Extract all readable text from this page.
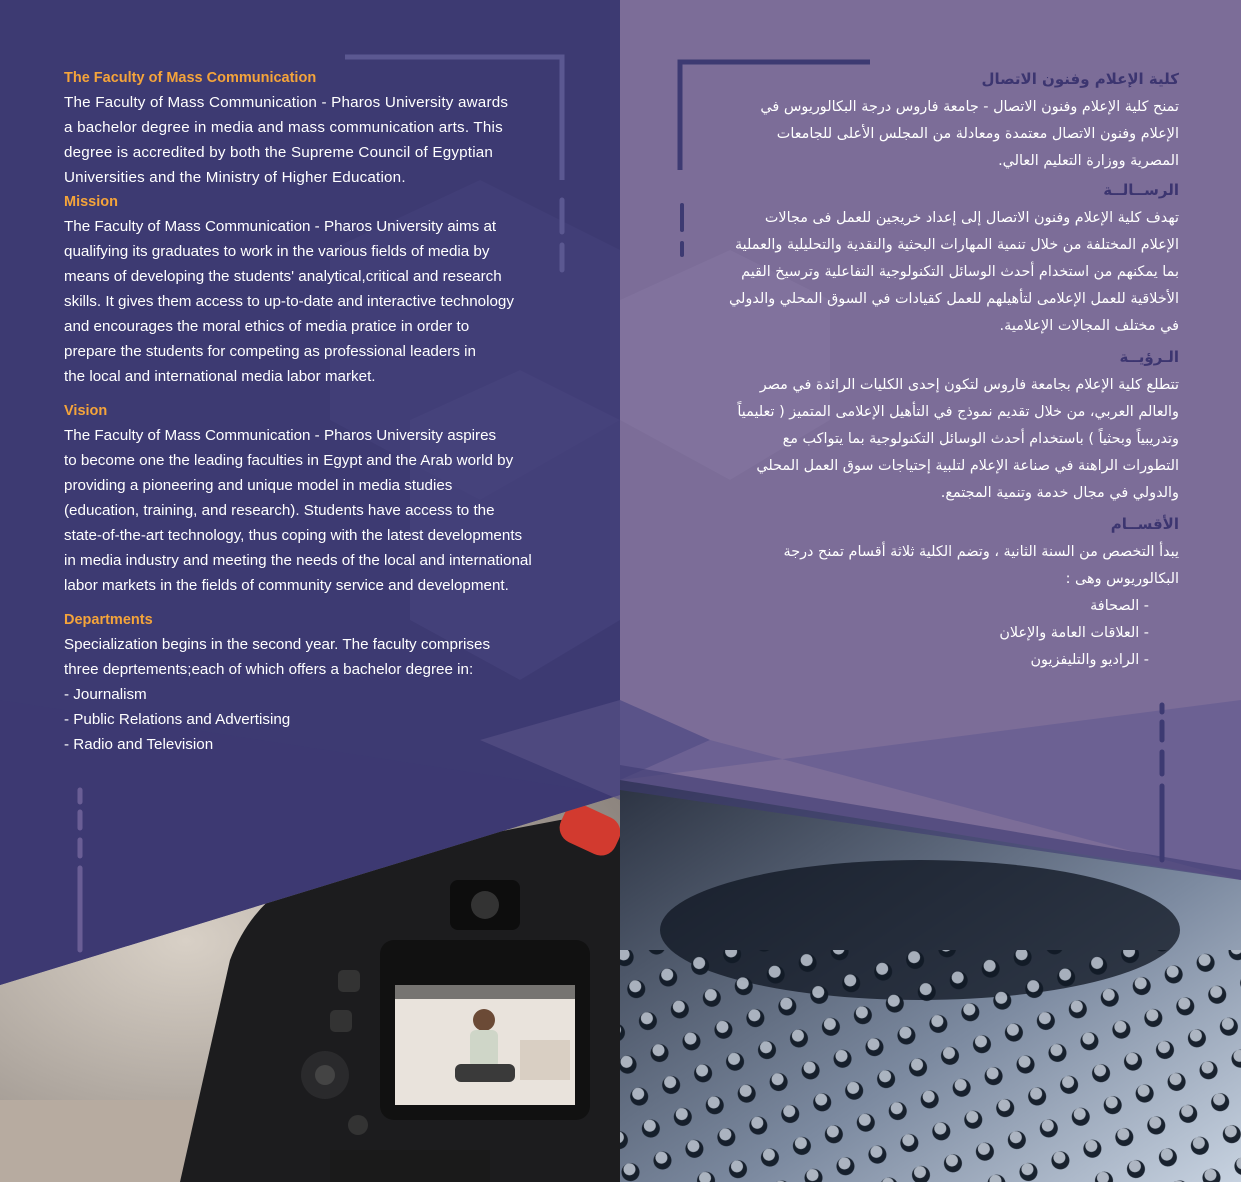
The Faculty of Mass Communication

The Faculty of Mass Communication - Pharos University awards

a bachelor degree in media and mass communication arts. This

degree is accredited by both the Supreme Council of Egyptian

Universities and the Ministry of Higher Education.

Mission

The Faculty of Mass Communication - Pharos University aims at

qualifying its graduates to work in the various fields of media by

means of developing the students' analytical,critical and research

skills. It gives them access to up-to-date and interactive technology

and encourages the moral ethics of media pratice in order to

prepare the students for competing as professional leaders in

the local and international media labor market.

Vision

The Faculty of Mass Communication - Pharos University aspires

to become one the leading faculties in Egypt and the Arab world by

providing a pioneering and unique model in media studies

(education, training, and research). Students have access to the

state-of-the-art technology, thus coping with the latest developments

in media industry and meeting the needs of the local and international

labor markets in the fields of community service and development.

Departments

Specialization begins in the second year. The faculty comprises

three deprtements;each of which offers a bachelor degree in:

- Journalism

- Public Relations and Advertising

- Radio and Television

كلية الإعلام وفنون الاتصال

تمنح كلية الإعلام وفنون الاتصال - جامعة فاروس درجة البكالوريوس في

الإعلام وفنون الاتصال معتمدة ومعادلة من المجلس الأعلى للجامعات

المصرية ووزارة التعليم العالي.

الرســالــة

تهدف كلية الإعلام وفنون الاتصال إلى إعداد خريجين للعمل فى مجالات

الإعلام المختلفة من خلال تنمية المهارات البحثية والنقدية والتحليلية والعملية

بما يمكنهم من استخدام أحدث الوسائل التكنولوجية التفاعلية وترسيخ القيم

الأخلاقية للعمل الإعلامى لتأهيلهم للعمل كقيادات في السوق المحلي والدولي

في مختلف المجالات الإعلامية.

الـرؤيــة

تتطلع كلية الإعلام بجامعة فاروس لتكون إحدى الكليات الرائدة في مصر

والعالم العربي، من خلال تقديم نموذج في التأهيل الإعلامى المتميز ( تعليمياً

وتدريبياً وبحثياً ) باستخدام أحدث الوسائل التكنولوجية بما يتواكب مع

التطورات الراهنة في صناعة الإعلام لتلبية إحتياجات سوق العمل المحلي

والدولي في مجال خدمة وتنمية المجتمع.

الأقســام

يبدأ التخصص من السنة الثانية ، وتضم الكلية ثلاثة أقسام تمنح درجة

البكالوريوس وهى :

- الصحافة

- العلاقات العامة والإعلان

- الراديو والتليفزيون
